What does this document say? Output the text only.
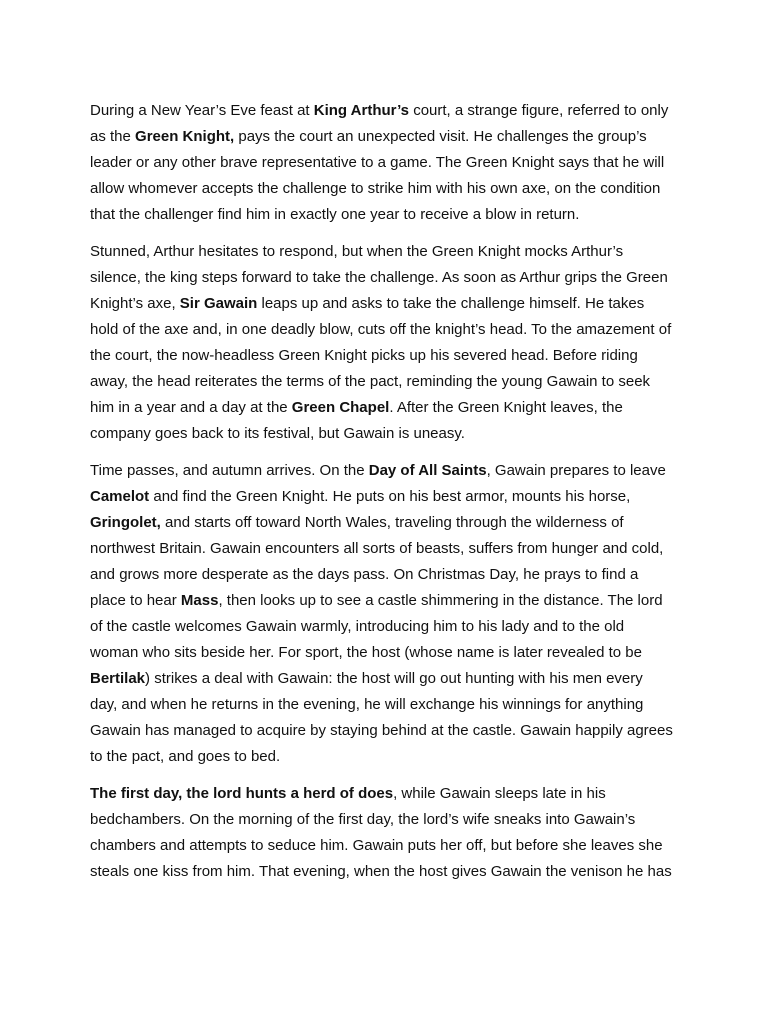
During a New Year’s Eve feast at King Arthur’s court, a strange figure, referred to only
as the Green Knight, pays the court an unexpected visit. He challenges the group’s
leader or any other brave representative to a game. The Green Knight says that he will
allow whomever accepts the challenge to strike him with his own axe, on the condition
that the challenger find him in exactly one year to receive a blow in return.

Stunned, Arthur hesitates to respond, but when the Green Knight mocks Arthur’s
silence, the king steps forward to take the challenge. As soon as Arthur grips the Green
Knight’s axe, Sir Gawain leaps up and asks to take the challenge himself. He takes
hold of the axe and, in one deadly blow, cuts off the knight’s head. To the amazement of
the court, the now-headless Green Knight picks up his severed head. Before riding
away, the head reiterates the terms of the pact, reminding the young Gawain to seek
him in a year and a day at the Green Chapel. After the Green Knight leaves, the
company goes back to its festival, but Gawain is uneasy.

Time passes, and autumn arrives. On the Day of All Saints, Gawain prepares to leave
Camelot and find the Green Knight. He puts on his best armor, mounts his horse,
Gringolet, and starts off toward North Wales, traveling through the wilderness of
northwest Britain. Gawain encounters all sorts of beasts, suffers from hunger and cold,
and grows more desperate as the days pass. On Christmas Day, he prays to find a
place to hear Mass, then looks up to see a castle shimmering in the distance. The lord
of the castle welcomes Gawain warmly, introducing him to his lady and to the old
woman who sits beside her. For sport, the host (whose name is later revealed to be
Bertilak) strikes a deal with Gawain: the host will go out hunting with his men every
day, and when he returns in the evening, he will exchange his winnings for anything
Gawain has managed to acquire by staying behind at the castle. Gawain happily agrees
to the pact, and goes to bed.

The first day, the lord hunts a herd of does, while Gawain sleeps late in his
bedchambers. On the morning of the first day, the lord’s wife sneaks into Gawain’s
chambers and attempts to seduce him. Gawain puts her off, but before she leaves she
steals one kiss from him. That evening, when the host gives Gawain the venison he has
